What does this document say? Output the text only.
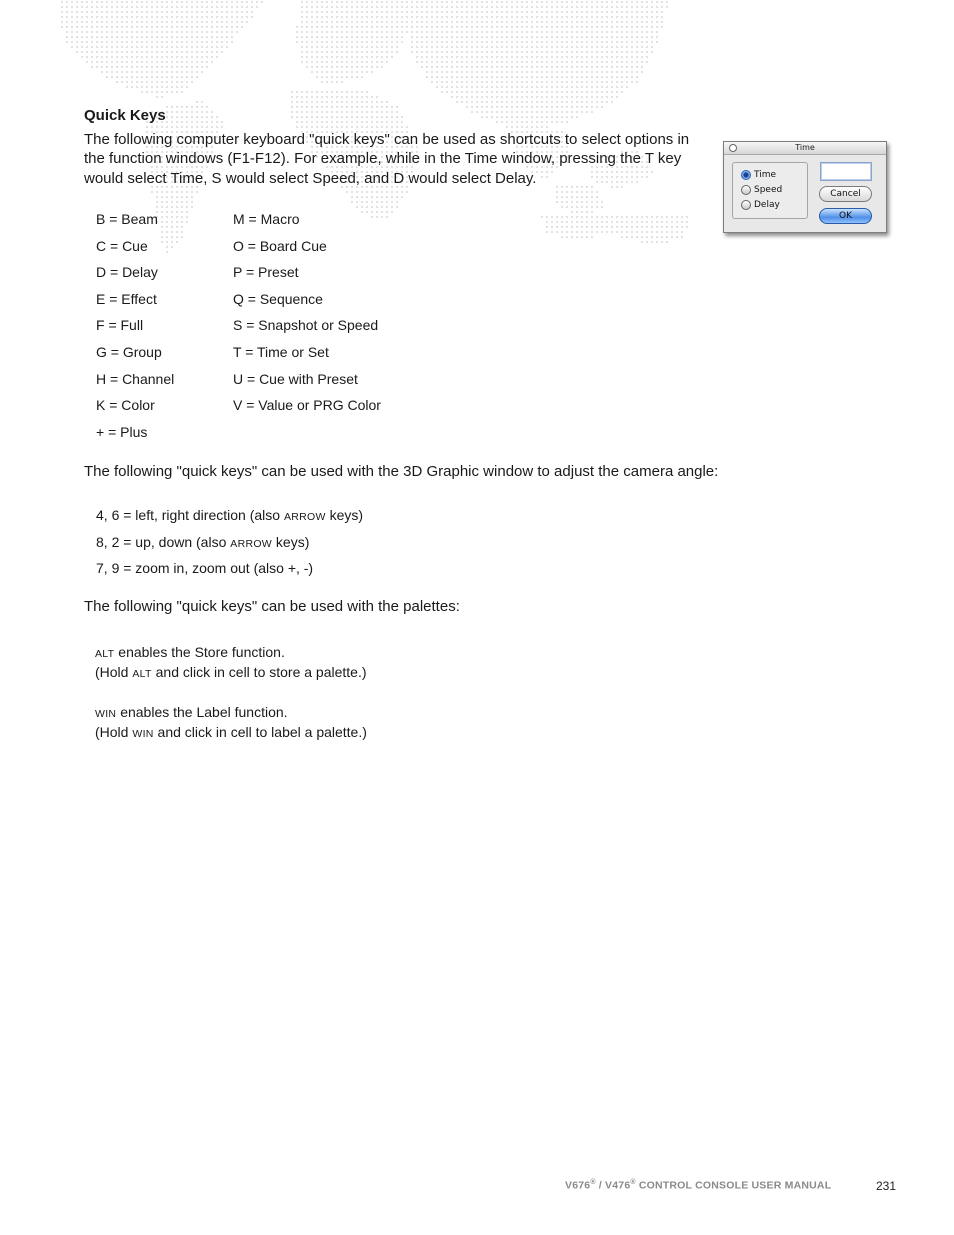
Quick Keys
The following computer keyboard "quick keys" can be used as shortcuts to select options in the function windows (F1-F12). For example, while in the Time window, pressing the T key would select Time, S would select Speed, and D would select Delay.
B = Beam	M = Macro
C = Cue	O = Board Cue
D = Delay	P = Preset
E = Effect	Q = Sequence
F = Full	S = Snapshot or Speed
G = Group	T = Time or Set
H = Channel	U = Cue with Preset
K = Color	V = Value or PRG Color
+ = Plus
The following "quick keys" can be used with the 3D Graphic window to adjust the camera angle:
4, 6 = left, right direction (also ARROW keys)
8, 2 = up, down (also ARROW keys)
7, 9 = zoom in, zoom out (also +, -)
The following "quick keys" can be used with the palettes:
ALT enables the Store function.
(Hold ALT and click in cell to store a palette.)
WIN enables the Label function.
(Hold WIN and click in cell to label a palette.)
Time
Time
Speed
Delay
Cancel
OK
V676® / V476® CONTROL CONSOLE USER MANUAL	231
